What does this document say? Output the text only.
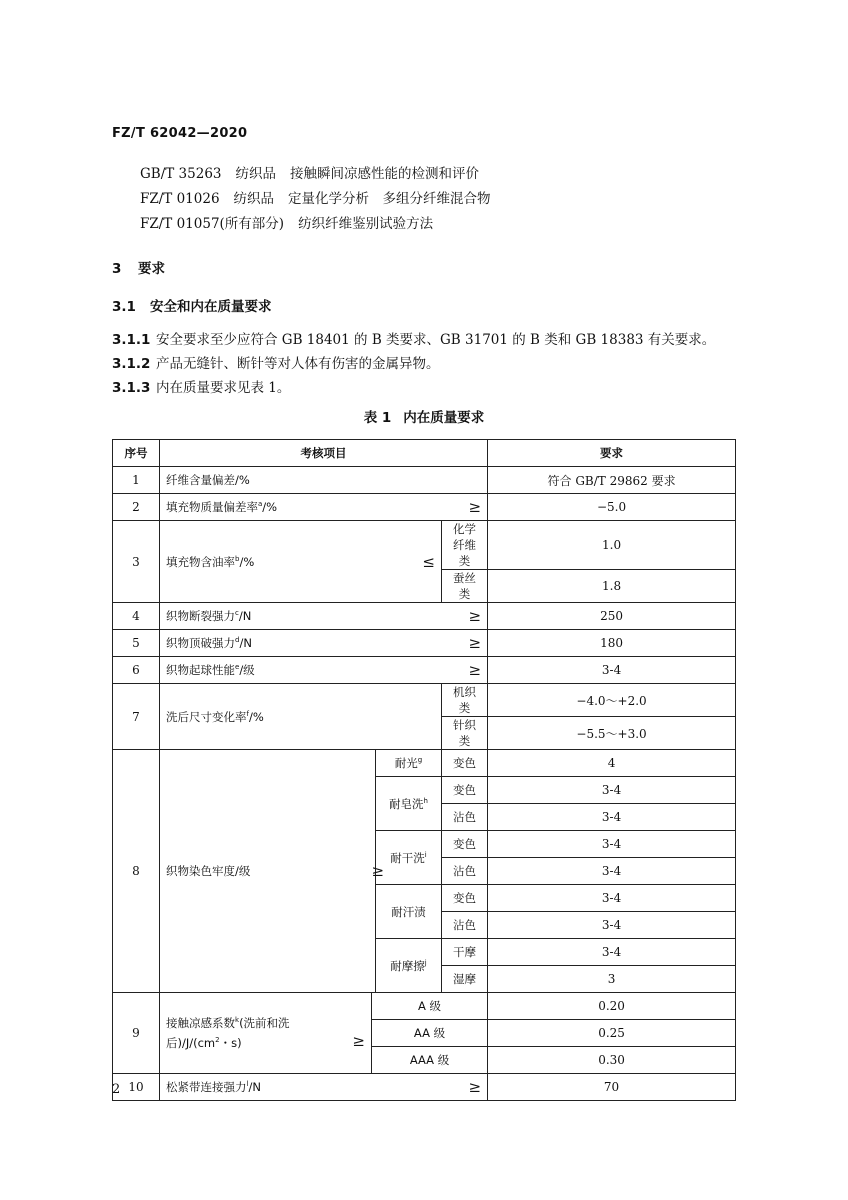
FZ/T 62042—2020
GB/T 35263 纺织品 接触瞬间凉感性能的检测和评价
FZ/T 01026 纺织品 定量化学分析　多组分纤维混合物
FZ/T 01057(所有部分) 纺织纤维鉴别试验方法
3 要求
3.1 安全和内在质量要求
3.1.1 安全要求至少应符合 GB 18401 的 B 类要求、GB 31701 的 B 类和 GB 18383 有关要求。
3.1.2 产品无缝针、断针等对人体有伤害的金属异物。
3.1.3 内在质量要求见表 1。
表 1 内在质量要求
序号	考核项目						要求
1	纤维含量偏差/%						符合 GB/T 29862 要求
2	填充物质量偏差率$^a$/%					≥	−5.0
3	填充物含油率$^b$/%		≤		化学纤维类		1.0
					蚕丝类		1.8
4	织物断裂强力$^c$/N					≥	250
5	织物顶破强力$^d$/N					≥	180
6	织物起球性能$^e$/级					≥	3-4
7	洗后尺寸变化率$^f$/%				机织类		−4.0～+2.0
					针织类		−5.5～+3.0
8	织物染色牢度/级		≥	耐光$^g$	变色		4
				耐皂洗$^h$	变色		3-4
					沾色		3-4
				耐干洗$^i$	变色		3-4
					沾色		3-4
				耐汗渍	变色		3-4
					沾色		3-4
				耐摩擦$^j$	干摩		3-4
					湿摩		3
9	接触凉感系数$^k$(洗前和洗
后)$/J/(cm^2$・s)	≥	A 级				0.20
			AA 级				0.25
			AAA 级				0.30
10	松紧带连接强力$^l$/N					≥	70
2
